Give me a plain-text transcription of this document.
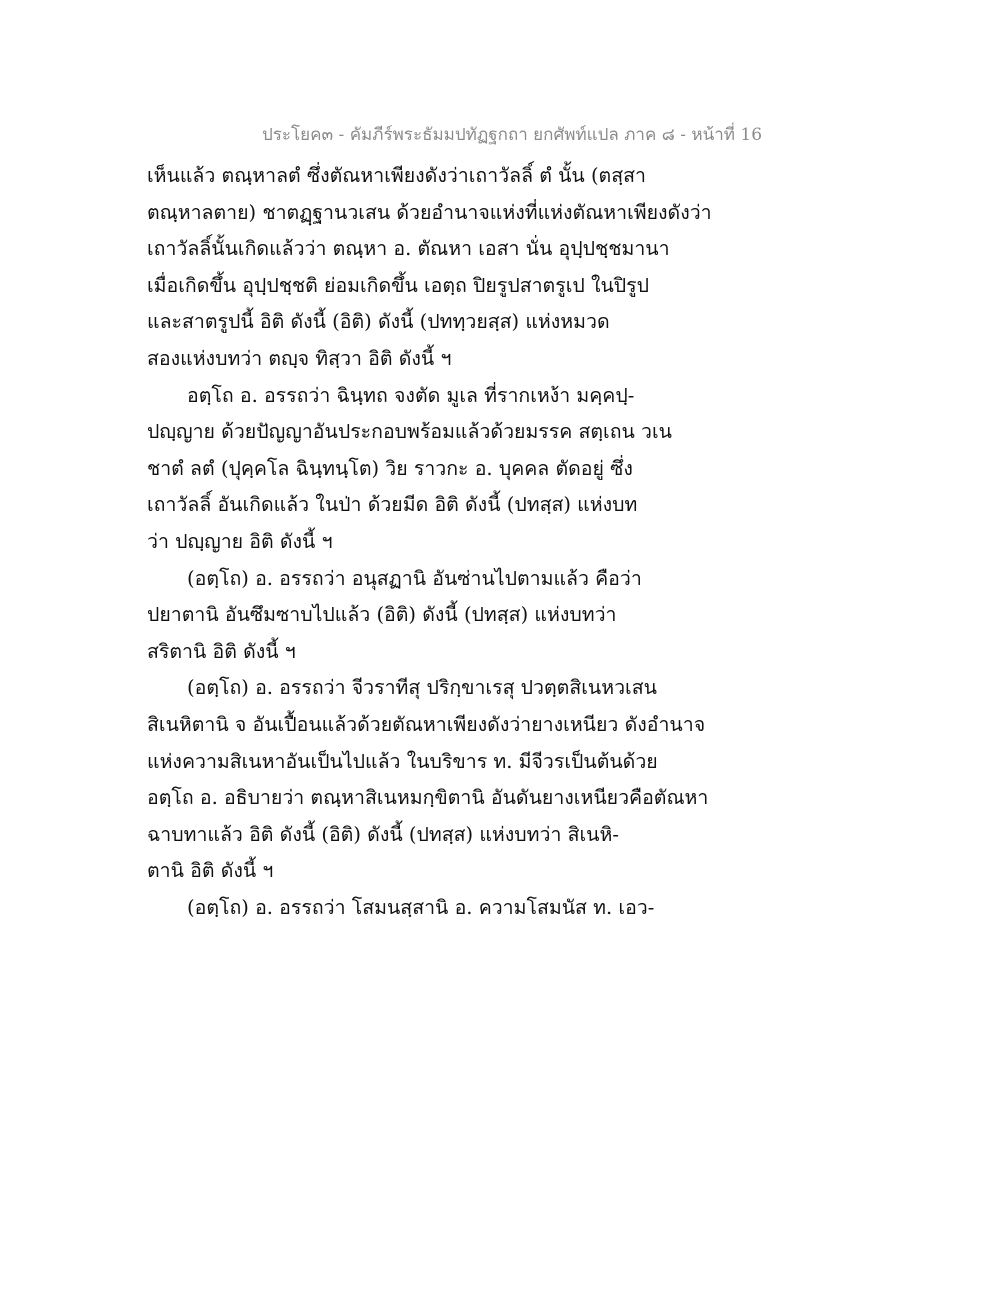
ประโยค๓ - คัมภีร์พระธัมมปทัฏฐกถา ยกศัพท์แปล ภาค ๘ - หน้าที่ 16
เห็นแล้ว ตณฺหาลตํ ซึ่งตัณหาเพียงดังว่าเถาวัลลิ์ ตํ นั้น (ตสฺสา
ตณฺหาลตาย) ชาตฏฺฐานวเสน ด้วยอำนาจแห่งที่แห่งตัณหาเพียงดังว่า
เถาวัลลิ์นั้นเกิดแล้วว่า ตณฺหา อ. ตัณหา เอสา นั่น อุปฺปชฺชมานา
เมื่อเกิดขึ้น อุปฺปชฺชติ ย่อมเกิดขึ้น เอตฺถ ปิยรูปสาตรูเป ในปิรูป
และสาตรูปนี้ อิติ ดังนี้ (อิติ) ดังนี้ (ปททฺวยสฺส) แห่งหมวด
สองแห่งบทว่า ตญฺจ ทิสฺวา อิติ ดังนี้ ฯ
อตฺโถ อ. อรรถว่า ฉินฺทถ จงตัด มูเล ที่รากเหง้า มคฺคปฺ-
ปญฺญาย ด้วยปัญญาอันประกอบพร้อมแล้วด้วยมรรค สตฺเถน วเน
ชาตํ ลตํ (ปุคฺคโล ฉินฺทนฺโต) วิย ราวกะ อ. บุคคล ตัดอยู่ ซึ่ง
เถาวัลลิ์ อันเกิดแล้ว ในป่า ด้วยมีด อิติ ดังนี้ (ปทสฺส) แห่งบท
ว่า ปญฺญาย อิติ ดังนี้ ฯ
(อตฺโถ) อ. อรรถว่า อนุสฏานิ อันซ่านไปตามแล้ว คือว่า
ปยาตานิ อันซึมซาบไปแล้ว (อิติ) ดังนี้ (ปทสฺส) แห่งบทว่า
สริตานิ อิติ ดังนี้ ฯ
(อตฺโถ) อ. อรรถว่า จีวราทีสุ ปริกฺขาเรสุ ปวตฺตสิเนหวเสน
สิเนหิตานิ จ อันเปื้อนแล้วด้วยตัณหาเพียงดังว่ายางเหนียว ดังอำนาจ
แห่งความสิเนหาอันเป็นไปแล้ว ในบริขาร ท. มีจีวรเป็นต้นด้วย
อตฺโถ อ. อธิบายว่า ตณฺหาสิเนหมกฺขิตานิ อันดันยางเหนียวคือตัณหา
ฉาบทาแล้ว อิติ ดังนี้ (อิติ) ดังนี้ (ปทสฺส) แห่งบทว่า สิเนหิ-
ตานิ อิติ ดังนี้ ฯ
(อตฺโถ) อ. อรรถว่า โสมนสฺสานิ อ. ความโสมนัส ท. เอว-
